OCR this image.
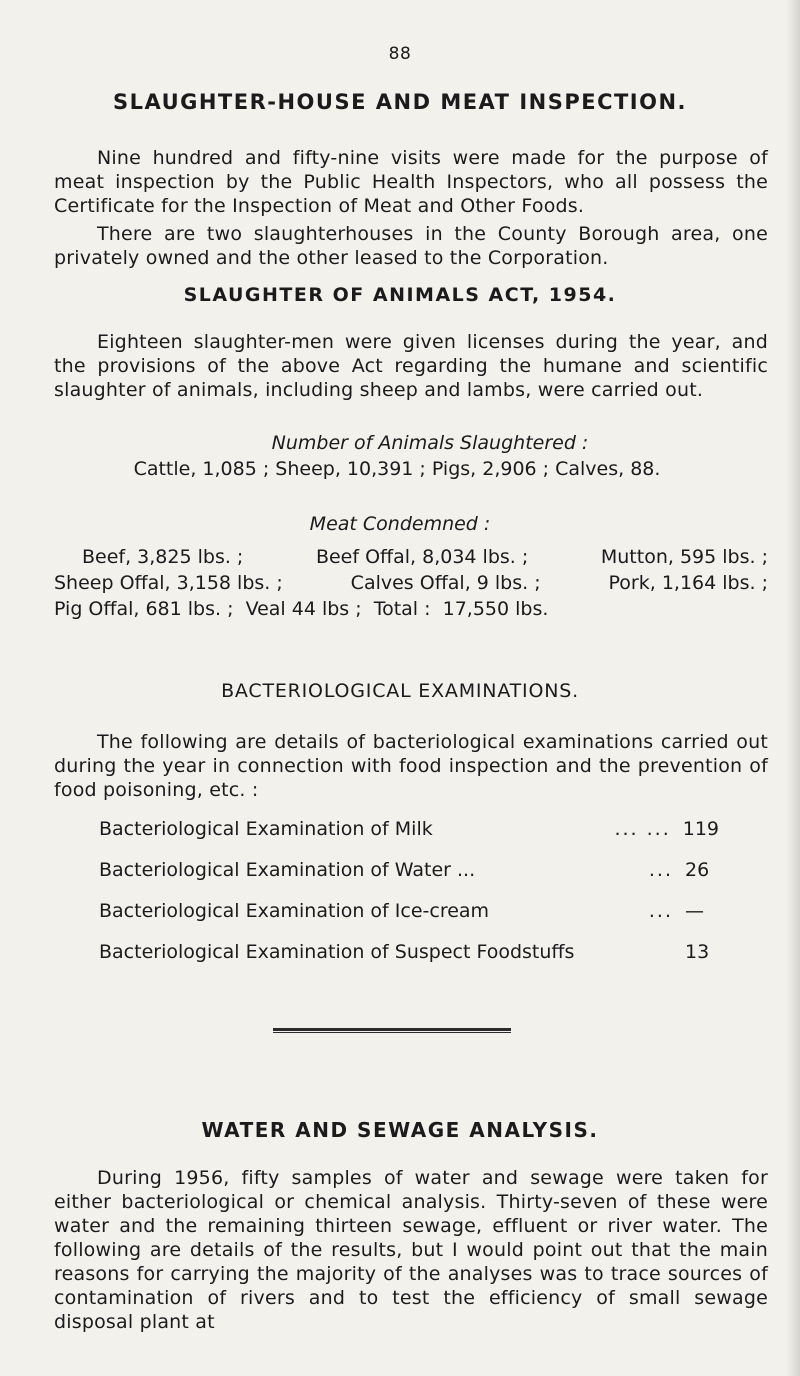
88
SLAUGHTER-HOUSE AND MEAT INSPECTION.
Nine hundred and fifty-nine visits were made for the purpose of meat inspection by the Public Health Inspectors, who all possess the Certificate for the Inspection of Meat and Other Foods.
There are two slaughterhouses in the County Borough area, one privately owned and the other leased to the Corporation.
SLAUGHTER OF ANIMALS ACT, 1954.
Eighteen slaughter-men were given licenses during the year, and the provisions of the above Act regarding the humane and scientific slaughter of animals, including sheep and lambs, were carried out.
Number of Animals Slaughtered :
Cattle, 1,085 ; Sheep, 10,391 ; Pigs, 2,906 ; Calves, 88.
Meat Condemned :
Beef, 3,825 lbs. ;	Beef Offal, 8,034 lbs. ;	Mutton, 595 lbs. ;
Sheep Offal, 3,158 lbs. ;	Calves Offal, 9 lbs. ;	Pork, 1,164 lbs. ;
Pig Offal, 681 lbs. ;  Veal 44 lbs ;  Total :  17,550 lbs.
BACTERIOLOGICAL EXAMINATIONS.
The following are details of bacteriological examinations carried out during the year in connection with food inspection and the prevention of food poisoning, etc. :
Bacteriological Examination of Milk	... ... 119
Bacteriological Examination of Water ...	... 26
Bacteriological Examination of Ice-cream	... —
Bacteriological Examination of Suspect Foodstuffs	13
WATER AND SEWAGE ANALYSIS.
During 1956, fifty samples of water and sewage were taken for either bacteriological or chemical analysis. Thirty-seven of these were water and the remaining thirteen sewage, effluent or river water. The following are details of the results, but I would point out that the main reasons for carrying the majority of the analyses was to trace sources of contamination of rivers and to test the efficiency of small sewage disposal plant at
